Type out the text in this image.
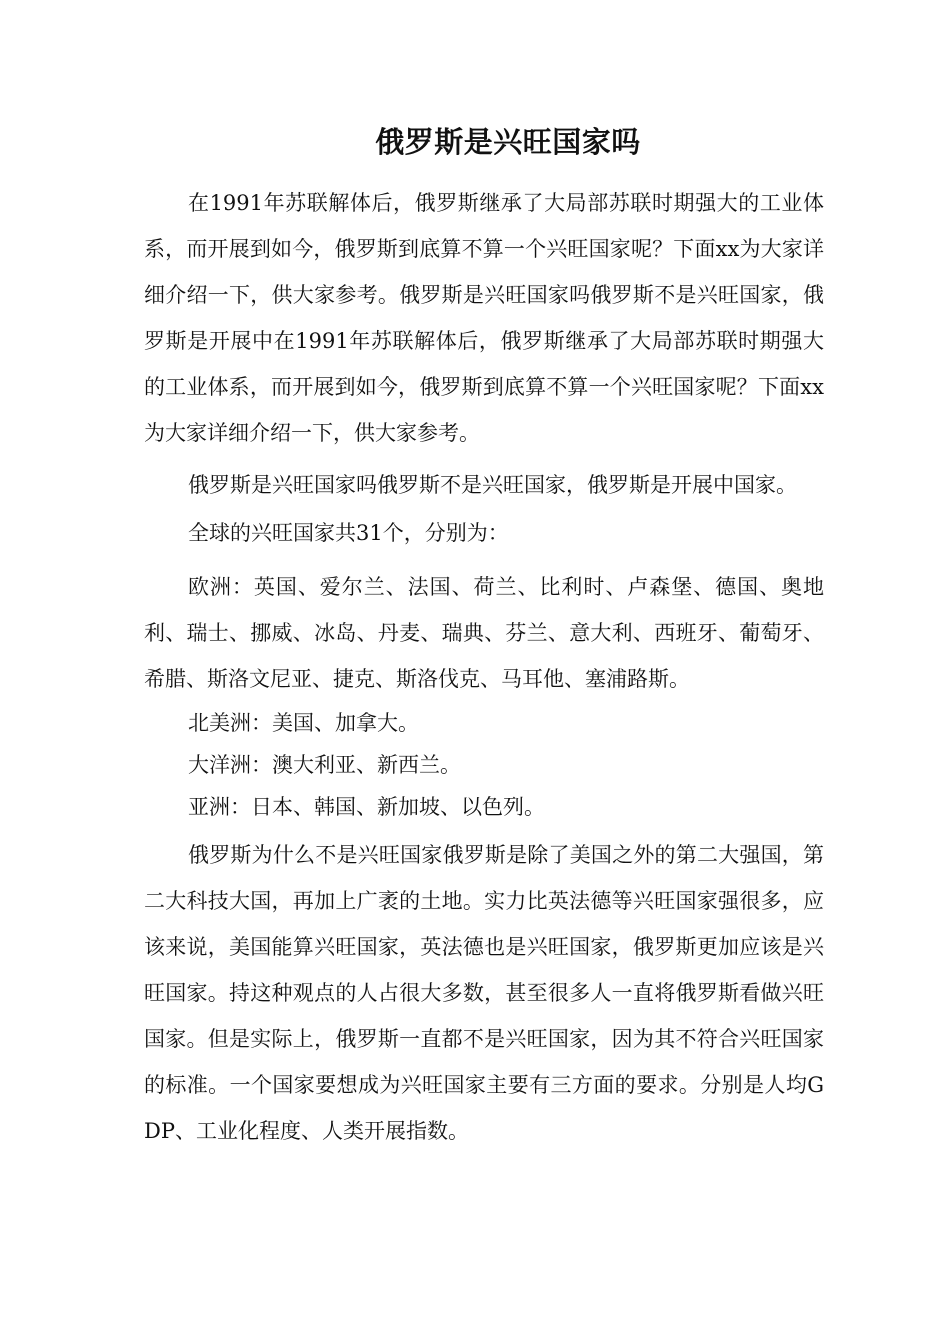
俄罗斯是兴旺国家吗

在1991年苏联解体后，俄罗斯继承了大局部苏联时期强大的工业体系，而开展到如今，俄罗斯到底算不算一个兴旺国家呢？下面xx为大家详细介绍一下，供大家参考。俄罗斯是兴旺国家吗俄罗斯不是兴旺国家，俄罗斯是开展中在1991年苏联解体后，俄罗斯继承了大局部苏联时期强大的工业体系，而开展到如今，俄罗斯到底算不算一个兴旺国家呢？下面xx为大家详细介绍一下，供大家参考。

俄罗斯是兴旺国家吗俄罗斯不是兴旺国家，俄罗斯是开展中国家。

全球的兴旺国家共31个，分别为：

欧洲：英国、爱尔兰、法国、荷兰、比利时、卢森堡、德国、奥地利、瑞士、挪威、冰岛、丹麦、瑞典、芬兰、意大利、西班牙、葡萄牙、希腊、斯洛文尼亚、捷克、斯洛伐克、马耳他、塞浦路斯。

北美洲：美国、加拿大。

大洋洲：澳大利亚、新西兰。

亚洲：日本、韩国、新加坡、以色列。

俄罗斯为什么不是兴旺国家俄罗斯是除了美国之外的第二大强国，第二大科技大国，再加上广袤的土地。实力比英法德等兴旺国家强很多，应该来说，美国能算兴旺国家，英法德也是兴旺国家，俄罗斯更加应该是兴旺国家。持这种观点的人占很大多数，甚至很多人一直将俄罗斯看做兴旺国家。但是实际上，俄罗斯一直都不是兴旺国家，因为其不符合兴旺国家的标准。一个国家要想成为兴旺国家主要有三方面的要求。分别是人均GDP、工业化程度、人类开展指数。
